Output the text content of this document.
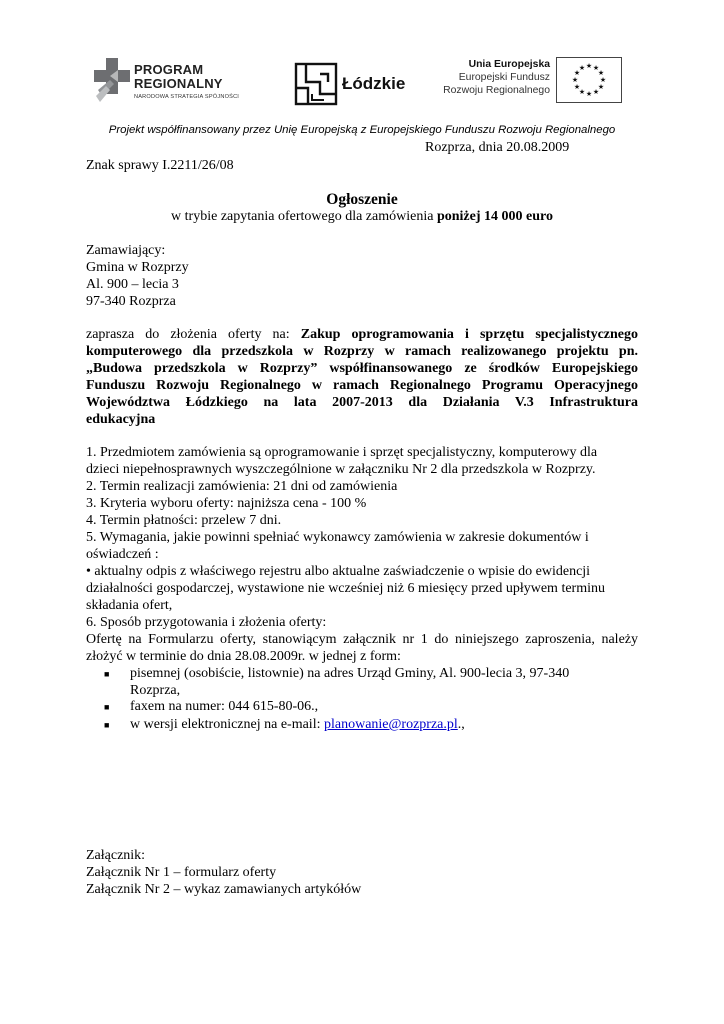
PROGRAM
REGIONALNY
NARODOWA STRATEGIA SPÓJNOŚCI
Łódzkie
Unia Europejska
Europejski Fundusz
Rozwoju Regionalnego
★ ★
★
★
★
★
★
★
★
★
★
★
Projekt współfinansowany przez Unię Europejską z Europejskiego Funduszu Rozwoju Regionalnego
Rozprza, dnia 20.08.2009
Znak sprawy I.2211/26/08
Ogłoszenie
w trybie zapytania ofertowego dla zamówienia poniżej 14 000 euro
Zamawiający:
Gmina w Rozprzy
Al. 900 – lecia 3
97-340 Rozprza
zaprasza do złożenia oferty na: Zakup oprogramowania i sprzętu specjalistycznego
komputerowego dla przedszkola w Rozprzy w ramach realizowanego projektu pn.
„Budowa przedszkola w Rozprzy” współfinansowanego ze środków Europejskiego
Funduszu Rozwoju Regionalnego w ramach Regionalnego Programu Operacyjnego
Województwa Łódzkiego na lata 2007-2013 dla Działania V.3 Infrastruktura
edukacyjna
1. Przedmiotem zamówienia są oprogramowanie i sprzęt specjalistyczny, komputerowy dla
dzieci niepełnosprawnych wyszczególnione w załączniku Nr 2 dla przedszkola w Rozprzy.
2. Termin realizacji zamówienia: 21 dni od zamówienia
3. Kryteria wyboru oferty: najniższa cena - 100 %
4. Termin płatności: przelew 7 dni.
5. Wymagania, jakie powinni spełniać wykonawcy zamówienia w zakresie dokumentów i
oświadczeń :
• aktualny odpis z właściwego rejestru albo aktualne zaświadczenie o wpisie do ewidencji
działalności gospodarczej, wystawione nie wcześniej niż 6 miesięcy przed upływem terminu
składania ofert,
6. Sposób przygotowania i złożenia oferty:
Ofertę na Formularzu oferty, stanowiącym załącznik nr 1 do niniejszego zaproszenia, należy
złożyć w terminie do dnia 28.08.2009r. w jednej z form:
■	pisemnej (osobiście, listownie) na adres Urząd Gminy, Al. 900-lecia 3, 97-340
Rozprza,
■	faxem na numer: 044 615-80-06.,
■	w wersji elektronicznej na e-mail: planowanie@rozprza.pl.,
Załącznik:
Załącznik Nr 1 – formularz oferty
Załącznik Nr 2 – wykaz zamawianych artykółów
